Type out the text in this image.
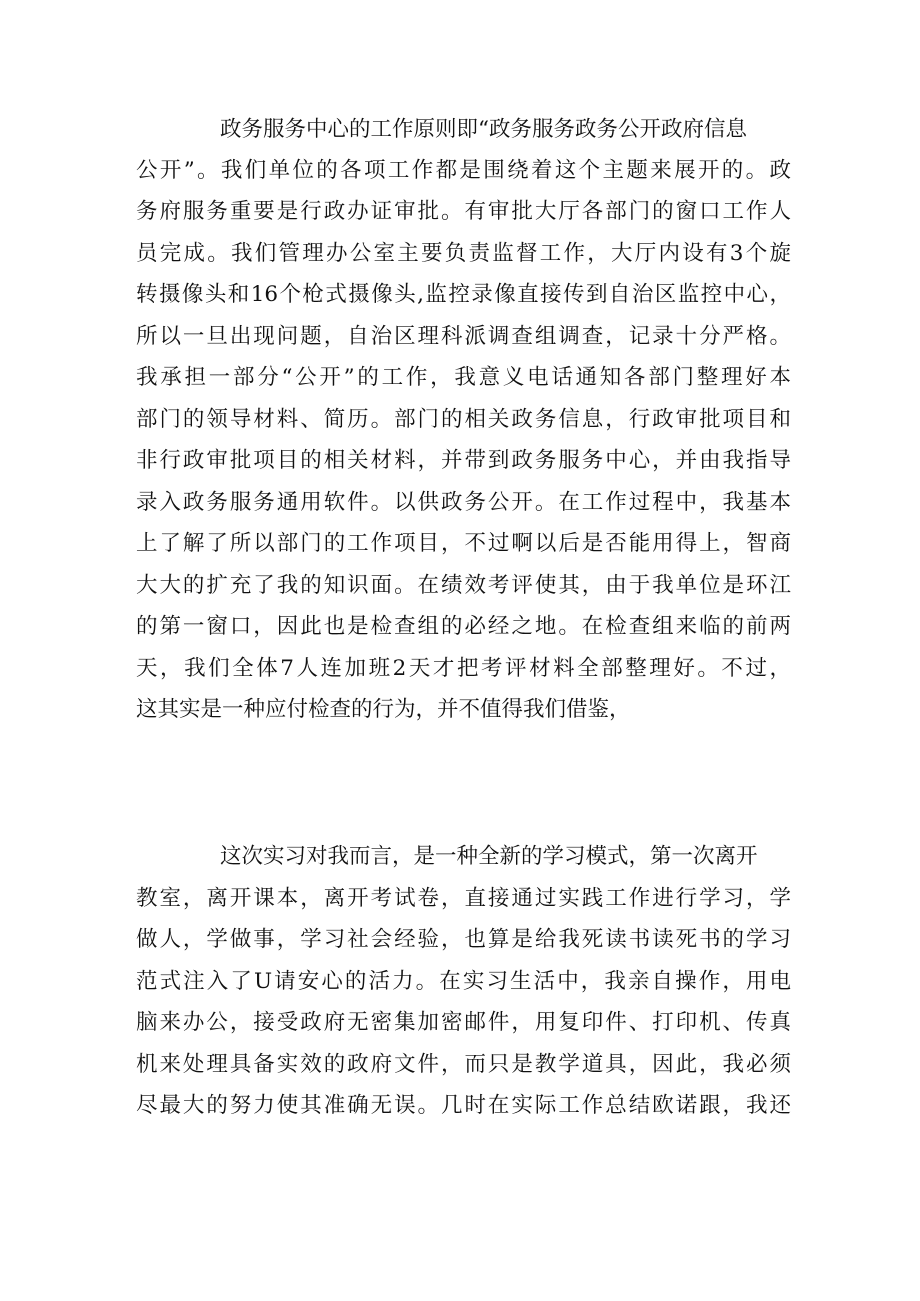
政务服务中心的工作原则即“政务服务政务公开政府信息
公开”。我们单位的各项工作都是围绕着这个主题来展开的。政
务府服务重要是行政办证审批。有审批大厅各部门的窗口工作人
员完成。我们管理办公室主要负责监督工作，大厅内设有3个旋
转摄像头和16个枪式摄像头,监控录像直接传到自治区监控中心，
所以一旦出现问题，自治区理科派调查组调查，记录十分严格。
我承担一部分“公开”的工作，我意义电话通知各部门整理好本
部门的领导材料、简历。部门的相关政务信息，行政审批项目和
非行政审批项目的相关材料，并带到政务服务中心，并由我指导
录入政务服务通用软件。以供政务公开。在工作过程中，我基本
上了解了所以部门的工作项目，不过啊以后是否能用得上，智商
大大的扩充了我的知识面。在绩效考评使其，由于我单位是环江
的第一窗口，因此也是检查组的必经之地。在检查组来临的前两
天，我们全体7人连加班2天才把考评材料全部整理好。不过，
这其实是一种应付检查的行为，并不值得我们借鉴，
这次实习对我而言，是一种全新的学习模式，第一次离开
教室，离开课本，离开考试卷，直接通过实践工作进行学习，学
做人，学做事，学习社会经验，也算是给我死读书读死书的学习
范式注入了U请安心的活力。在实习生活中，我亲自操作，用电
脑来办公，接受政府无密集加密邮件，用复印件、打印机、传真
机来处理具备实效的政府文件，而只是教学道具，因此，我必须
尽最大的努力使其准确无误。几时在实际工作总结欧诺跟，我还
